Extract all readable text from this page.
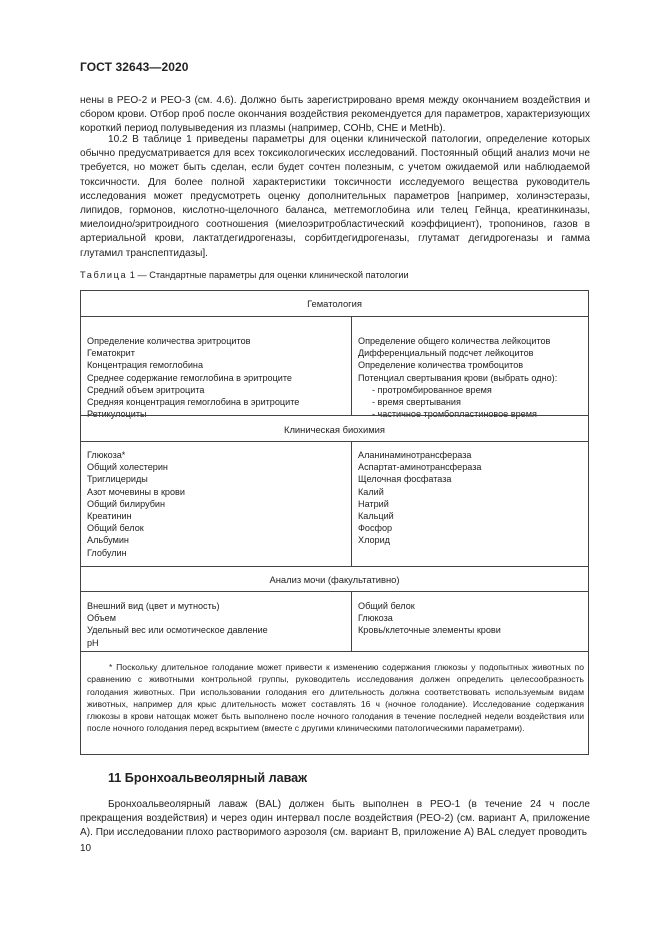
ГОСТ 32643—2020

нены в РЕО-2 и РЕО-3 (см. 4.6). Должно быть зарегистрировано время между окончанием воздействия и сбором крови. Отбор проб после окончания воздействия рекомендуется для параметров, характеризующих короткий период полувыведения из плазмы (например, COHb, CHE и MetHb).

10.2 В таблице 1 приведены параметры для оценки клинической патологии, определение которых обычно предусматривается для всех токсикологических исследований. Постоянный общий анализ мочи не требуется, но может быть сделан, если будет сочтен полезным, с учетом ожидаемой или наблюдаемой токсичности. Для более полной характеристики токсичности исследуемого вещества руководитель исследования может предусмотреть оценку дополнительных параметров [например, холинэстеразы, липидов, гормонов, кислотно-щелочного баланса, метгемоглобина или телец Гейнца, креатинкиназы, миелоидно/эритроидного соотношения (миелоэритробластический коэффициент), тропонинов, газов в артериальной крови, лактатдегидрогеназы, сорбитдегидрогеназы, глутамат дегидрогеназы и гамма глутамил транспептидазы].

Таблица 1 — Стандартные параметры для оценки клинической патологии
Гематология
Определение количества эритроцитов
Гематокрит
Концентрация гемоглобина
Среднее содержание гемоглобина в эритроците
Средний объем эритроцита
Средняя концентрация гемоглобина в эритроците
Ретикулоциты
Определение общего количества лейкоцитов
Дифференциальный подсчет лейкоцитов
Определение количества тромбоцитов
Потенциал свертывания крови (выбрать одно):
- протромбированное время
- время свертывания
- частичное тромбопластиновое время
Клиническая биохимия
Глюкоза*
Общий холестерин
Триглицериды
Азот мочевины в крови
Общий билирубин
Креатинин
Общий белок
Альбумин
Глобулин
Аланинаминотрансфераза
Аспартат-аминотрансфераза
Щелочная фосфатаза
Калий
Натрий
Кальций
Фосфор
Хлорид
Анализ мочи (факультативно)
Внешний вид (цвет и мутность)
Объем
Удельный вес или осмотическое давление
pH
Общий белок
Глюкоза
Кровь/клеточные элементы крови

* Поскольку длительное голодание может привести к изменению содержания глюкозы у подопытных животных по сравнению с животными контрольной группы, руководитель исследования должен определить целесообразность голодания животных. При использовании голодания его длительность должна соответствовать используемым видам животных, например для крыс длительность может составлять 16 ч (ночное голодание). Исследование содержания глюкозы в крови натощак может быть выполнено после ночного голодания в течение последней недели воздействия или после ночного голодания перед вскрытием (вместе с другими клиническими патологическими параметрами).

11 Бронхоальвеолярный лаваж

Бронхоальвеолярный лаваж (BAL) должен быть выполнен в РЕО-1 (в течение 24 ч после прекращения воздействия) и через один интервал после воздействия (РЕО-2) (см. вариант А, приложение А). При исследовании плохо растворимого аэрозоля (см. вариант В, приложение А) BAL следует проводить

10
